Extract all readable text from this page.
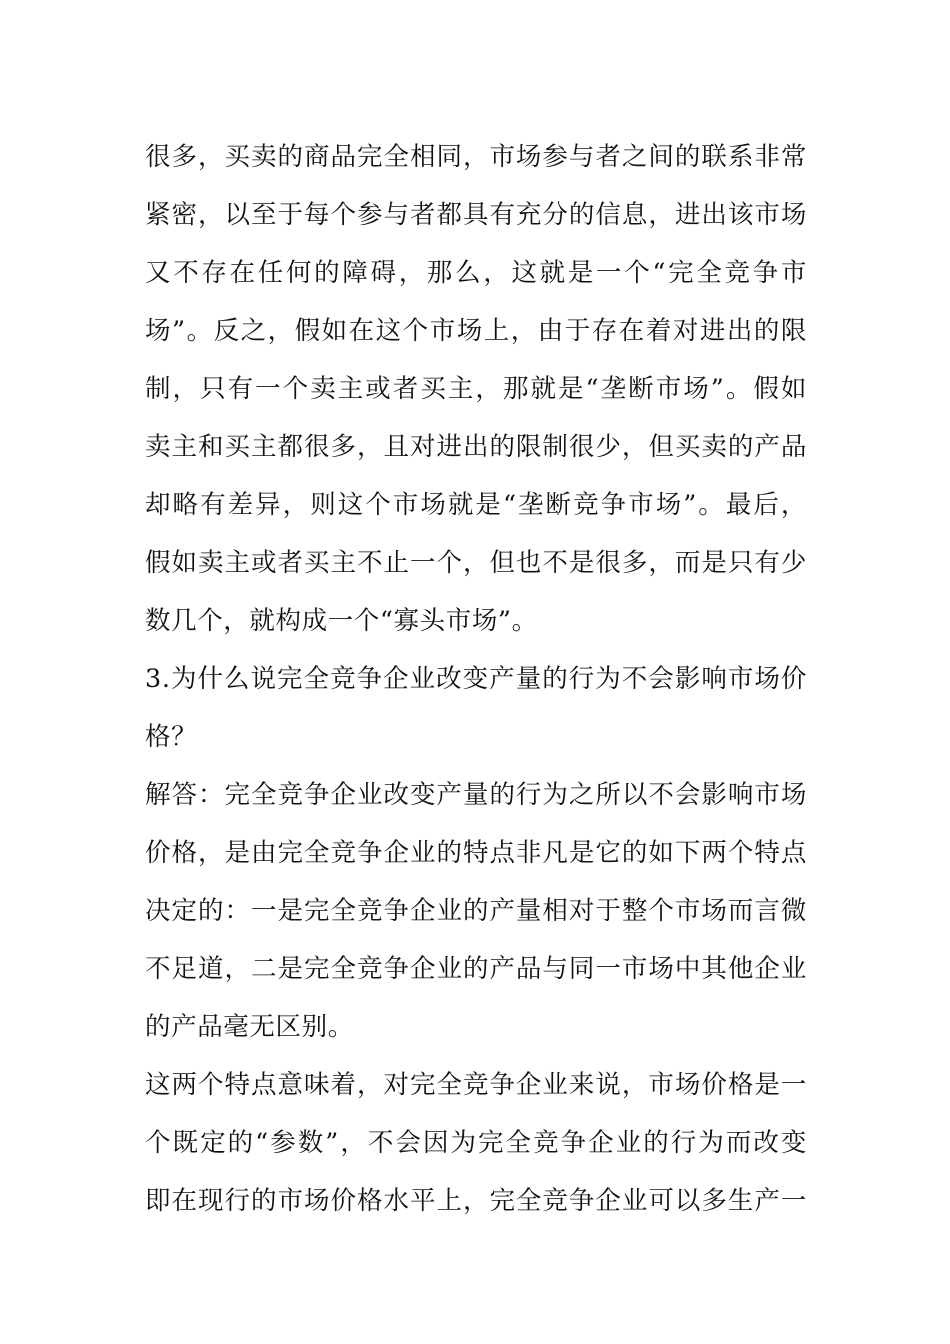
很多，买卖的商品完全相同，市场参与者之间的联系非常
紧密，以至于每个参与者都具有充分的信息，进出该市场
又不存在任何的障碍，那么，这就是一个“完全竞争市
场”。反之，假如在这个市场上，由于存在着对进出的限
制，只有一个卖主或者买主，那就是“垄断市场”。假如
卖主和买主都很多，且对进出的限制很少，但买卖的产品
却略有差异，则这个市场就是“垄断竞争市场”。最后，
假如卖主或者买主不止一个，但也不是很多，而是只有少
数几个，就构成一个“寡头市场”。
3.为什么说完全竞争企业改变产量的行为不会影响市场价
格？
解答：完全竞争企业改变产量的行为之所以不会影响市场
价格，是由完全竞争企业的特点非凡是它的如下两个特点
决定的：一是完全竞争企业的产量相对于整个市场而言微
不足道，二是完全竞争企业的产品与同一市场中其他企业
的产品毫无区别。
这两个特点意味着，对完全竞争企业来说，市场价格是一
个既定的“参数”，不会因为完全竞争企业的行为而改变
即在现行的市场价格水平上，完全竞争企业可以多生产一
